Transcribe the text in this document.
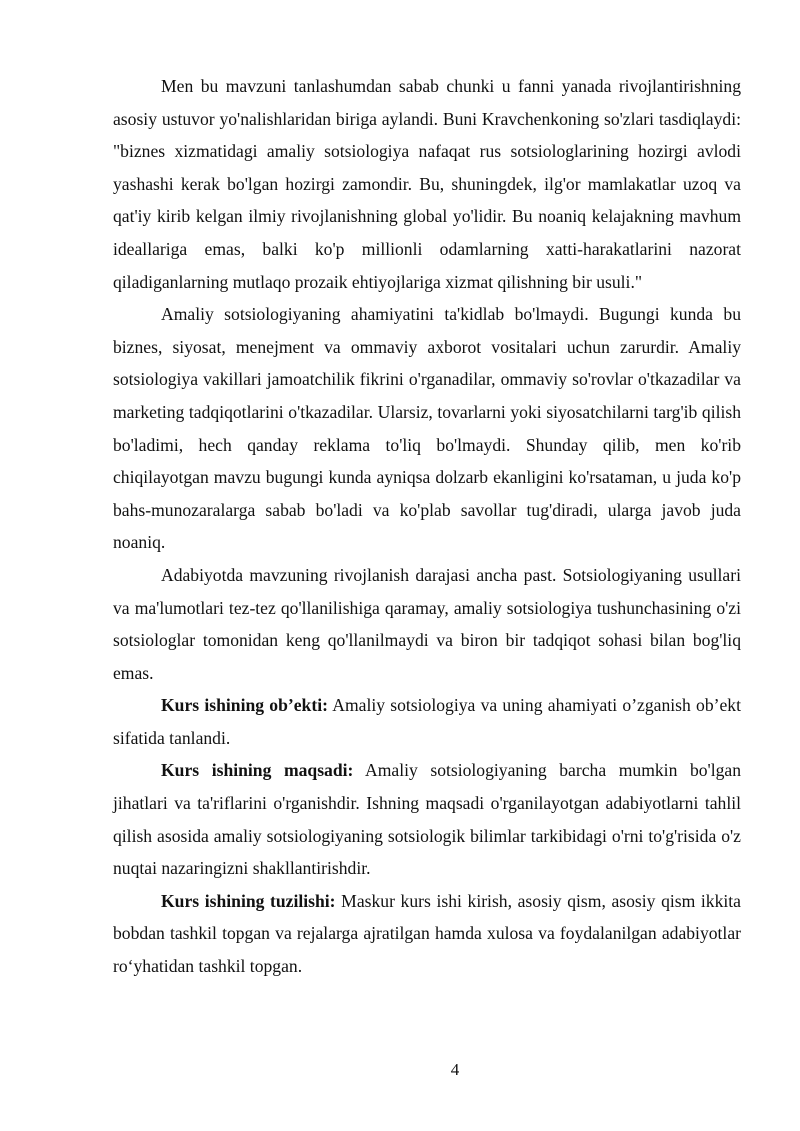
Men bu mavzuni tanlashumdan sabab chunki u fanni yanada rivojlantirishning asosiy ustuvor yo'nalishlaridan biriga aylandi. Buni Kravchenkoning so'zlari tasdiqlaydi: "biznes xizmatidagi amaliy sotsiologiya nafaqat rus sotsiologlarining hozirgi avlodi yashashi kerak bo'lgan hozirgi zamondir. Bu, shuningdek, ilg'or mamlakatlar uzoq va qat'iy kirib kelgan ilmiy rivojlanishning global yo'lidir. Bu noaniq kelajakning mavhum ideallariga emas, balki ko'p millionli odamlarning xatti-harakatlarini nazorat qiladiganlarning mutlaqo prozaik ehtiyojlariga xizmat qilishning bir usuli."

Amaliy sotsiologiyaning ahamiyatini ta'kidlab bo'lmaydi. Bugungi kunda bu biznes, siyosat, menejment va ommaviy axborot vositalari uchun zarurdir. Amaliy sotsiologiya vakillari jamoatchilik fikrini o'rganadilar, ommaviy so'rovlar o'tkazadilar va marketing tadqiqotlarini o'tkazadilar. Ularsiz, tovarlarni yoki siyosatchilarni targ'ib qilish bo'ladimi, hech qanday reklama to'liq bo'lmaydi. Shunday qilib, men ko'rib chiqilayotgan mavzu bugungi kunda ayniqsa dolzarb ekanligini ko'rsataman, u juda ko'p bahs-munozaralarga sabab bo'ladi va ko'plab savollar tug'diradi, ularga javob juda noaniq.

Adabiyotda mavzuning rivojlanish darajasi ancha past. Sotsiologiyaning usullari va ma'lumotlari tez-tez qo'llanilishiga qaramay, amaliy sotsiologiya tushunchasining o'zi sotsiologlar tomonidan keng qo'llanilmaydi va biron bir tadqiqot sohasi bilan bog'liq emas.

Kurs ishining ob’ekti: Amaliy sotsiologiya va uning ahamiyati o’zganish ob’ekt sifatida tanlandi.

Kurs ishining maqsadi: Amaliy sotsiologiyaning barcha mumkin bo'lgan jihatlari va ta'riflarini o'rganishdir. Ishning maqsadi o'rganilayotgan adabiyotlarni tahlil qilish asosida amaliy sotsiologiyaning sotsiologik bilimlar tarkibidagi o'rni to'g'risida o'z nuqtai nazaringizni shakllantirishdir.

Kurs ishining tuzilishi: Maskur kurs ishi kirish, asosiy qism, asosiy qism ikkita bobdan tashkil topgan va rejalarga ajratilgan hamda xulosa va foydalanilgan adabiyotlar ro‘yhatidan tashkil topgan.

4
